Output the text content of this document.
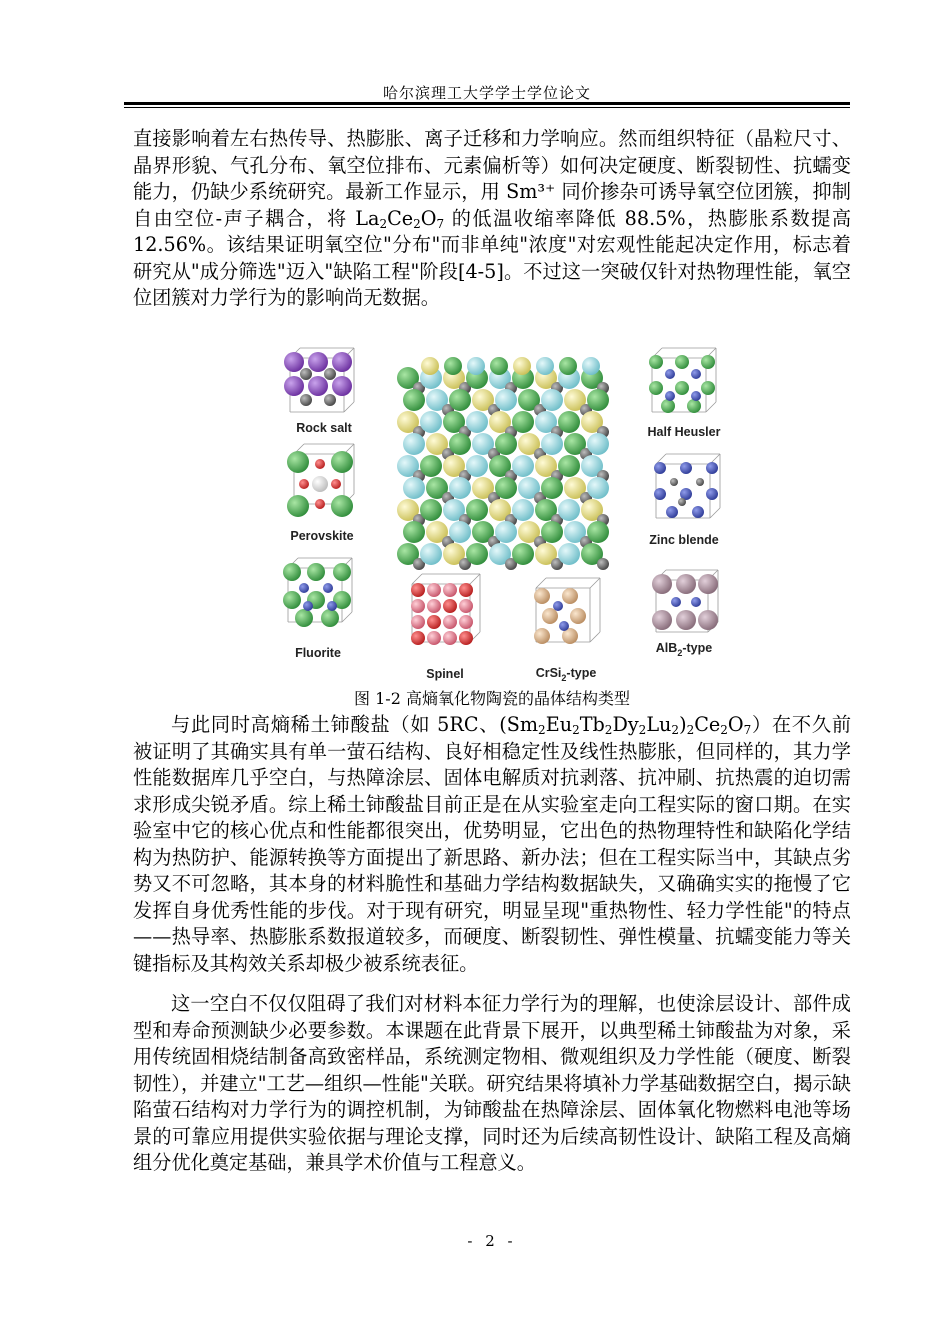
哈尔滨理工大学学士学位论文

直接影响着左右热传导、热膨胀、离子迁移和力学响应。然而组织特征（晶粒尺寸、晶界形貌、气孔分布、氧空位排布、元素偏析等）如何决定硬度、断裂韧性、抗蠕变能力，仍缺少系统研究。最新工作显示，用 Sm³⁺ 同价掺杂可诱导氧空位团簇，抑制自由空位-声子耦合，将 $La_2Ce_2O_7$ 的低温收缩率降低 88.5%，热膨胀系数提高 12.56%。该结果证明氧空位"分布"而非单纯"浓度"对宏观性能起决定作用，标志着研究从"成分筛选"迈入"缺陷工程"阶段[4-5]。不过这一突破仅针对热物理性能，氧空位团簇对力学行为的影响尚无数据。

Rock salt
Perovskite
Fluorite
Spinel	CrSi$_2$-type
Half Heusler
Zinc blende
AlB$_2$-type
图 1-2 高熵氧化物陶瓷的晶体结构类型

与此同时高熵稀土铈酸盐（如 5RC、$(Sm_2Eu_2Tb_2Dy_2Lu_2)_2Ce_2O_7$）在不久前被证明了其确实具有单一萤石结构、良好相稳定性及线性热膨胀，但同样的，其力学性能数据库几乎空白，与热障涂层、固体电解质对抗剥落、抗冲刷、抗热震的迫切需求形成尖锐矛盾。综上稀土铈酸盐目前正是在从实验室走向工程实际的窗口期。在实验室中它的核心优点和性能都很突出，优势明显，它出色的热物理特性和缺陷化学结构为热防护、能源转换等方面提出了新思路、新办法；但在工程实际当中，其缺点劣势又不可忽略，其本身的材料脆性和基础力学结构数据缺失，又确确实实的拖慢了它发挥自身优秀性能的步伐。对于现有研究，明显呈现"重热物性、轻力学性能"的特点——热导率、热膨胀系数报道较多，而硬度、断裂韧性、弹性模量、抗蠕变能力等关键指标及其构效关系却极少被系统表征。

这一空白不仅仅阻碍了我们对材料本征力学行为的理解，也使涂层设计、部件成型和寿命预测缺少必要参数。本课题在此背景下展开，以典型稀土铈酸盐为对象，采用传统固相烧结制备高致密样品，系统测定物相、微观组织及力学性能（硬度、断裂韧性），并建立"工艺—组织—性能"关联。研究结果将填补力学基础数据空白，揭示缺陷萤石结构对力学行为的调控机制，为铈酸盐在热障涂层、固体氧化物燃料电池等场景的可靠应用提供实验依据与理论支撑，同时还为后续高韧性设计、缺陷工程及高熵组分优化奠定基础，兼具学术价值与工程意义。

- 2 -
